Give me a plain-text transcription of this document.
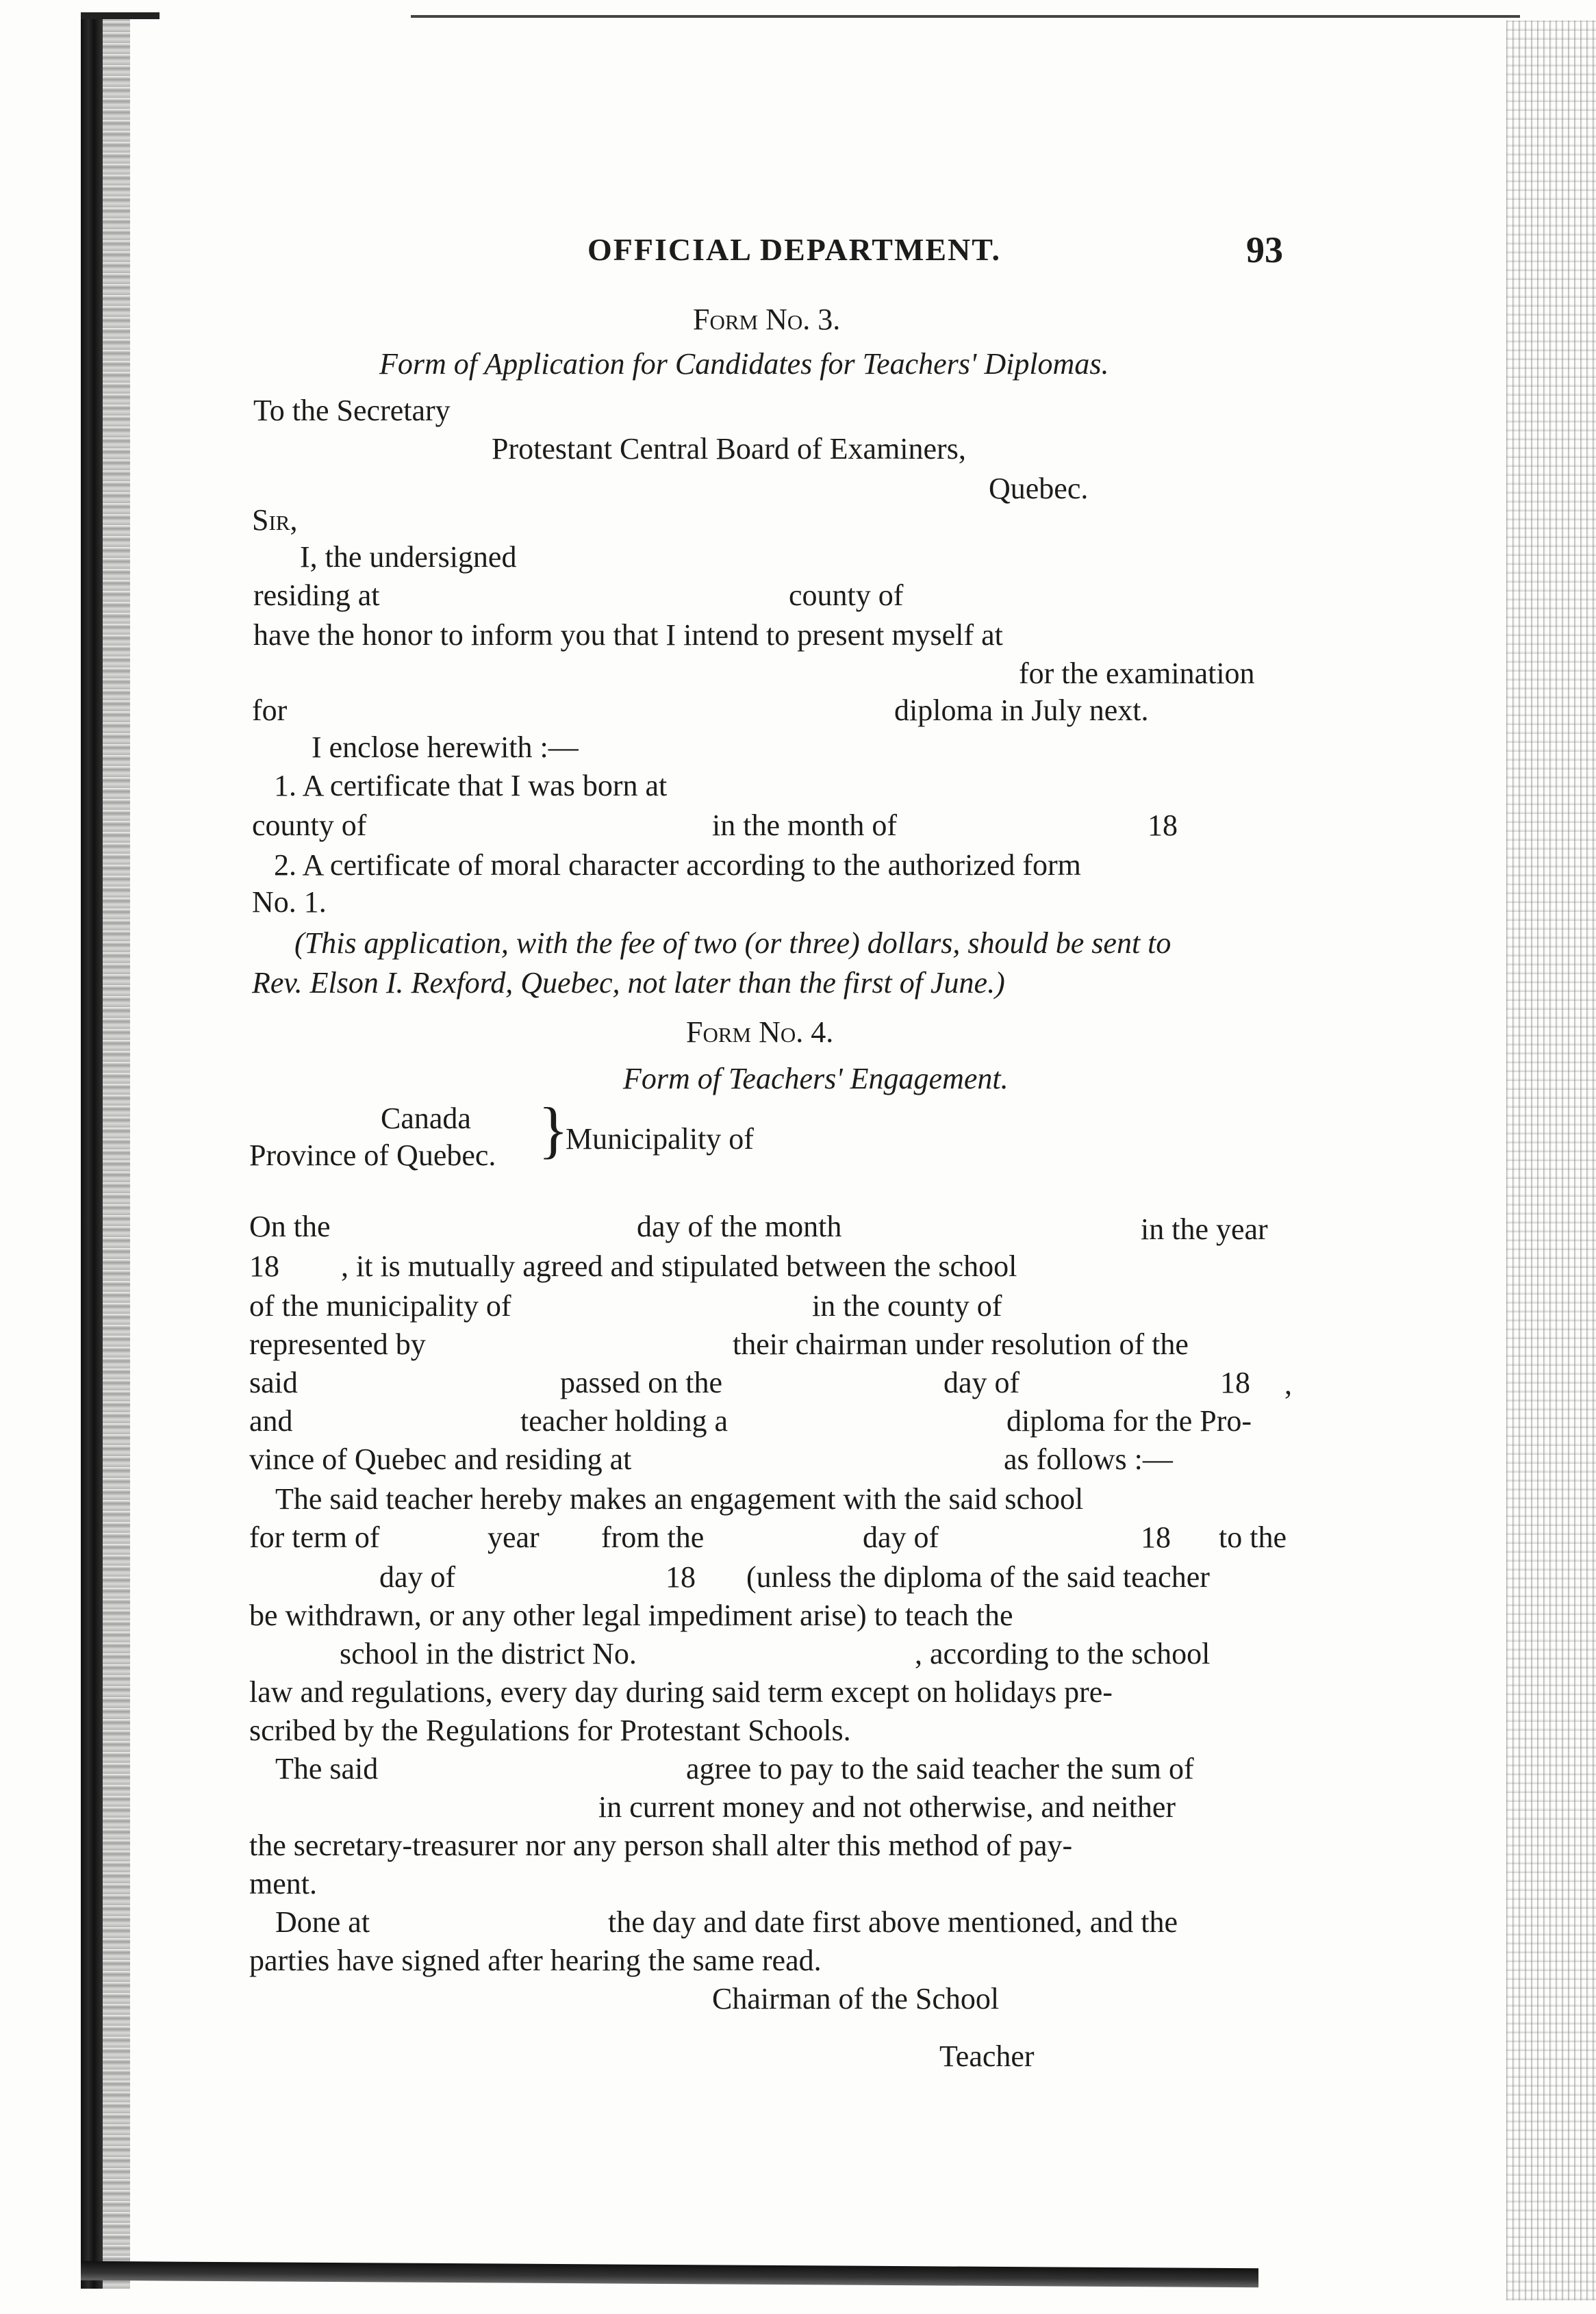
OFFICIAL DEPARTMENT.	93
Form No. 3.
Form of Application for Candidates for Teachers' Diplomas.
To the Secretary
Protestant Central Board of Examiners,
Quebec.
Sir,
I, the undersigned
residing at	county of
have the honor to inform you that I intend to present myself at
for the examination
for	diploma in July next.
I enclose herewith :—
1. A certificate that I was born at
county of	in the month of	18
2. A certificate of moral character according to the authorized form
No. 1.
(This application, with the fee of two (or three) dollars, should be sent to
Rev. Elson I. Rexford, Quebec, not later than the first of June.)
Form No. 4.
Form of Teachers' Engagement.
Canada
Province of Quebec. }
Municipality of
On the	day of the month	in the year
18 , it is mutually agreed and stipulated between the school
of the municipality of	in the county of
represented by	their chairman under resolution of the
said	passed on the	day of	18 ,
and	teacher holding a	diploma for the Pro-
vince of Quebec and residing at	as follows :—
The said teacher hereby makes an engagement with the said school
for term of	year from the	day of	18 to the
day of	18 (unless the diploma of the said teacher
be withdrawn, or any other legal impediment arise) to teach the
school in the district No.	, according to the school
law and regulations, every day during said term except on holidays pre-
scribed by the Regulations for Protestant Schools.
The said	agree to pay to the said teacher the sum of
in current money and not otherwise, and neither
the secretary-treasurer nor any person shall alter this method of pay-
ment.
Done at	the day and date first above mentioned, and the
parties have signed after hearing the same read.
Chairman of the School
Teacher
